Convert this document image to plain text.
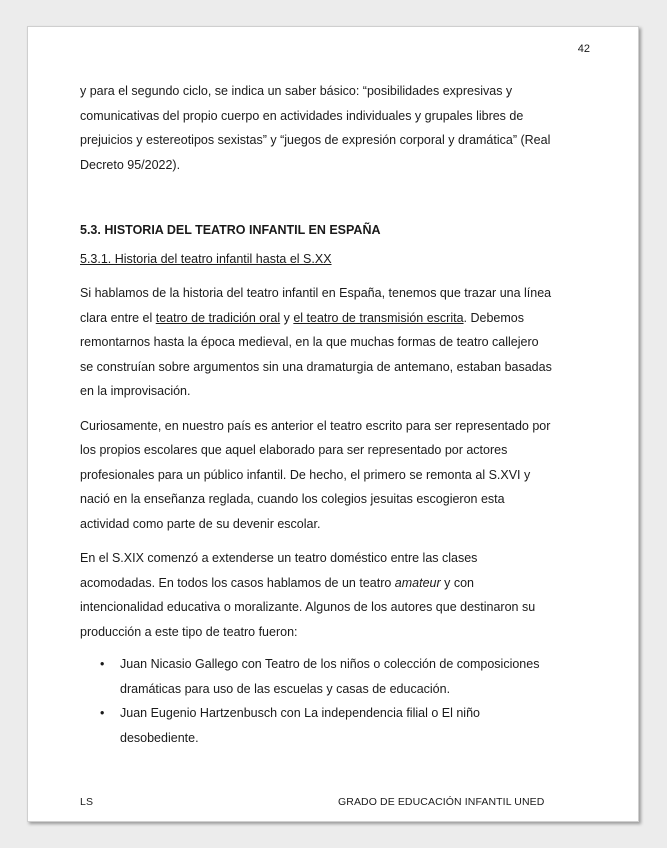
42

y para el segundo ciclo, se indica un saber básico: “posibilidades expresivas y
comunicativas del propio cuerpo en actividades individuales y grupales libres de
prejuicios y estereotipos sexistas” y “juegos de expresión corporal y dramática” (Real
Decreto 95/2022).

5.3. HISTORIA DEL TEATRO INFANTIL EN ESPAÑA

5.3.1. Historia del teatro infantil hasta el S.XX

Si hablamos de la historia del teatro infantil en España, tenemos que trazar una línea
clara entre el teatro de tradición oral y el teatro de transmisión escrita. Debemos
remontarnos hasta la época medieval, en la que muchas formas de teatro callejero
se construían sobre argumentos sin una dramaturgia de antemano, estaban basadas
en la improvisación.

Curiosamente, en nuestro país es anterior el teatro escrito para ser representado por
los propios escolares que aquel elaborado para ser representado por actores
profesionales para un público infantil. De hecho, el primero se remonta al S.XVI y
nació en la enseñanza reglada, cuando los colegios jesuitas escogieron esta
actividad como parte de su devenir escolar.

En el S.XIX comenzó a extenderse un teatro doméstico entre las clases
acomodadas. En todos los casos hablamos de un teatro amateur y con
intencionalidad educativa o moralizante. Algunos de los autores que destinaron su
producción a este tipo de teatro fueron:

• Juan Nicasio Gallego con Teatro de los niños o colección de composiciones
dramáticas para uso de las escuelas y casas de educación.
• Juan Eugenio Hartzenbusch con La independencia filial o El niño
desobediente.
LS	GRADO DE EDUCACIÓN INFANTIL UNED
